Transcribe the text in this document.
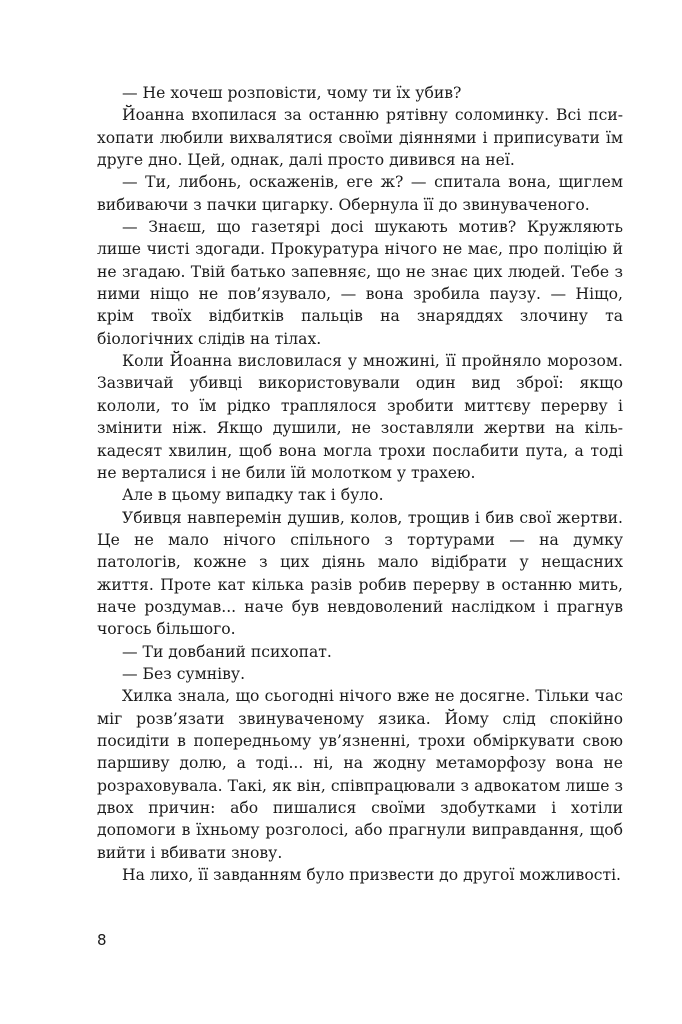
— Не хочеш розповісти, чому ти їх убив?

Йоанна вхопилася за останню рятівну соломинку. Всі психопати любили вихвалятися своїми діяннями і приписувати їм друге дно. Цей, однак, далі просто дивився на неї.

— Ти, либонь, оскаженів, еге ж? — спитала вона, щиглем вибиваючи з пачки цигарку. Обернула її до звинуваченого.

— Знаєш, що газетярі досі шукають мотив? Кружляють лише чисті здогади. Прокуратура нічого не має, про поліцію й не згадаю. Твій батько запевняє, що не знає цих людей. Тебе з ними ніщо не пов’язувало, — вона зробила паузу. — Ніщо, крім твоїх відбитків пальців на знаряддях злочину та біологічних слідів на тілах.

Коли Йоанна висловилася у множині, її пройняло морозом. Зазвичай убивці використовували один вид зброї: якщо кололи, то їм рідко траплялося зробити миттєву перерву і змінити ніж. Якщо душили, не зоставляли жертви на кількадесят хвилин, щоб вона могла трохи послабити пута, а тоді не верталися і не били їй молотком у трахею.

Але в цьому випадку так і було.

Убивця навперемін душив, колов, трощив і бив свої жертви. Це не мало нічого спільного з тортурами — на думку патологів, кожне з цих діянь мало відібрати у нещасних життя. Проте кат кілька разів робив перерву в останню мить, наче роздумав... наче був невдоволений наслідком і прагнув чогось більшого.

— Ти довбаний психопат.

— Без сумніву.

Хилка знала, що сьогодні нічого вже не досягне. Тільки час міг розв’язати звинуваченому язика. Йому слід спокійно посидіти в попередньому ув’язненні, трохи обміркувати свою паршиву долю, а тоді... ні, на жодну метаморфозу вона не розраховувала. Такі, як він, співпрацювали з адвокатом лише з двох причин: або пишалися своїми здобутками і хотіли допомоги в їхньому розголосі, або прагнули виправдання, щоб вийти і вбивати знову.

На лихо, її завданням було призвести до другої можливості.

8
